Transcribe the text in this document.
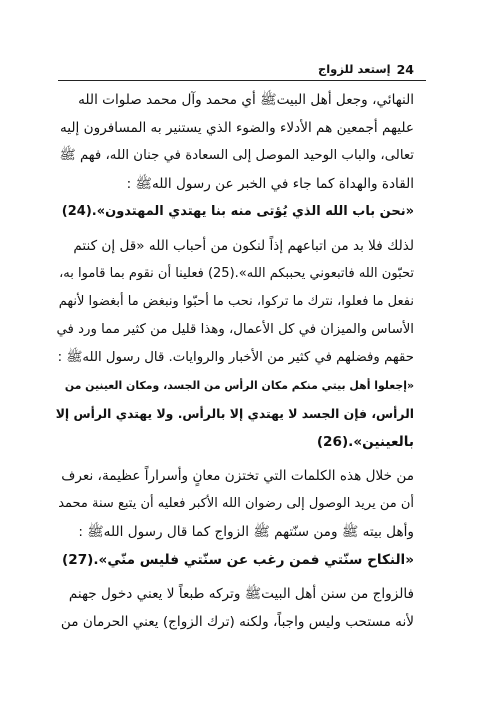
24
إستعد للزواج
النهائي، وجعل أهل البيتﷺ أي محمد وآل محمد صلوات الله
عليهم أجمعين هم الأدلاء والضوء الذي يستنير به المسافرون إليه
تعالى، والباب الوحيد الموصل إلى السعادة في جنان الله، فهم ﷺ
القادة والهداة كما جاء في الخبر عن رسول اللهﷺ :
«نحن باب الله الذي يُؤتى منه بنا يهتدي المهتدون».(24)
لذلك فلا بد من اتباعهم إذاً لنكون من أحباب الله «قل إن كنتم
تحبّون الله فاتبعوني يحببكم الله».(25) فعلينا أن نقوم بما قاموا به،
نفعل ما فعلوا، نترك ما تركوا، نحب ما أحبّوا ونبغض ما أبغضوا لأنهم
الأساس والميزان في كل الأعمال، وهذا قليل من كثير مما ورد في
حقهم وفضلهم في كثير من الأخبار والروايات. قال رسول اللهﷺ :
«إجعلوا أهل بيتي منكم مكان الرأس من الجسد، ومكان العينين من
الرأس، فإن الجسد لا يهتدي إلا بالرأس. ولا يهتدي الرأس إلا
بالعينين».(26)
من خلال هذه الكلمات التي تختزن معانٍ وأسراراً عظيمة، نعرف
أن من يريد الوصول إلى رضوان الله الأكبر فعليه أن يتبع سنة محمد
وأهل بيته ﷺ ومن سنّتهم ﷺ الزواج كما قال رسول اللهﷺ :
«النكاح سنّتي فمن رغب عن سنّتي فليس منّي».(27)
فالزواج من سنن أهل البيتﷺ وتركه طبعاً لا يعني دخول جهنم
لأنه مستحب وليس واجباً، ولكنه (ترك الزواج) يعني الحرمان من
